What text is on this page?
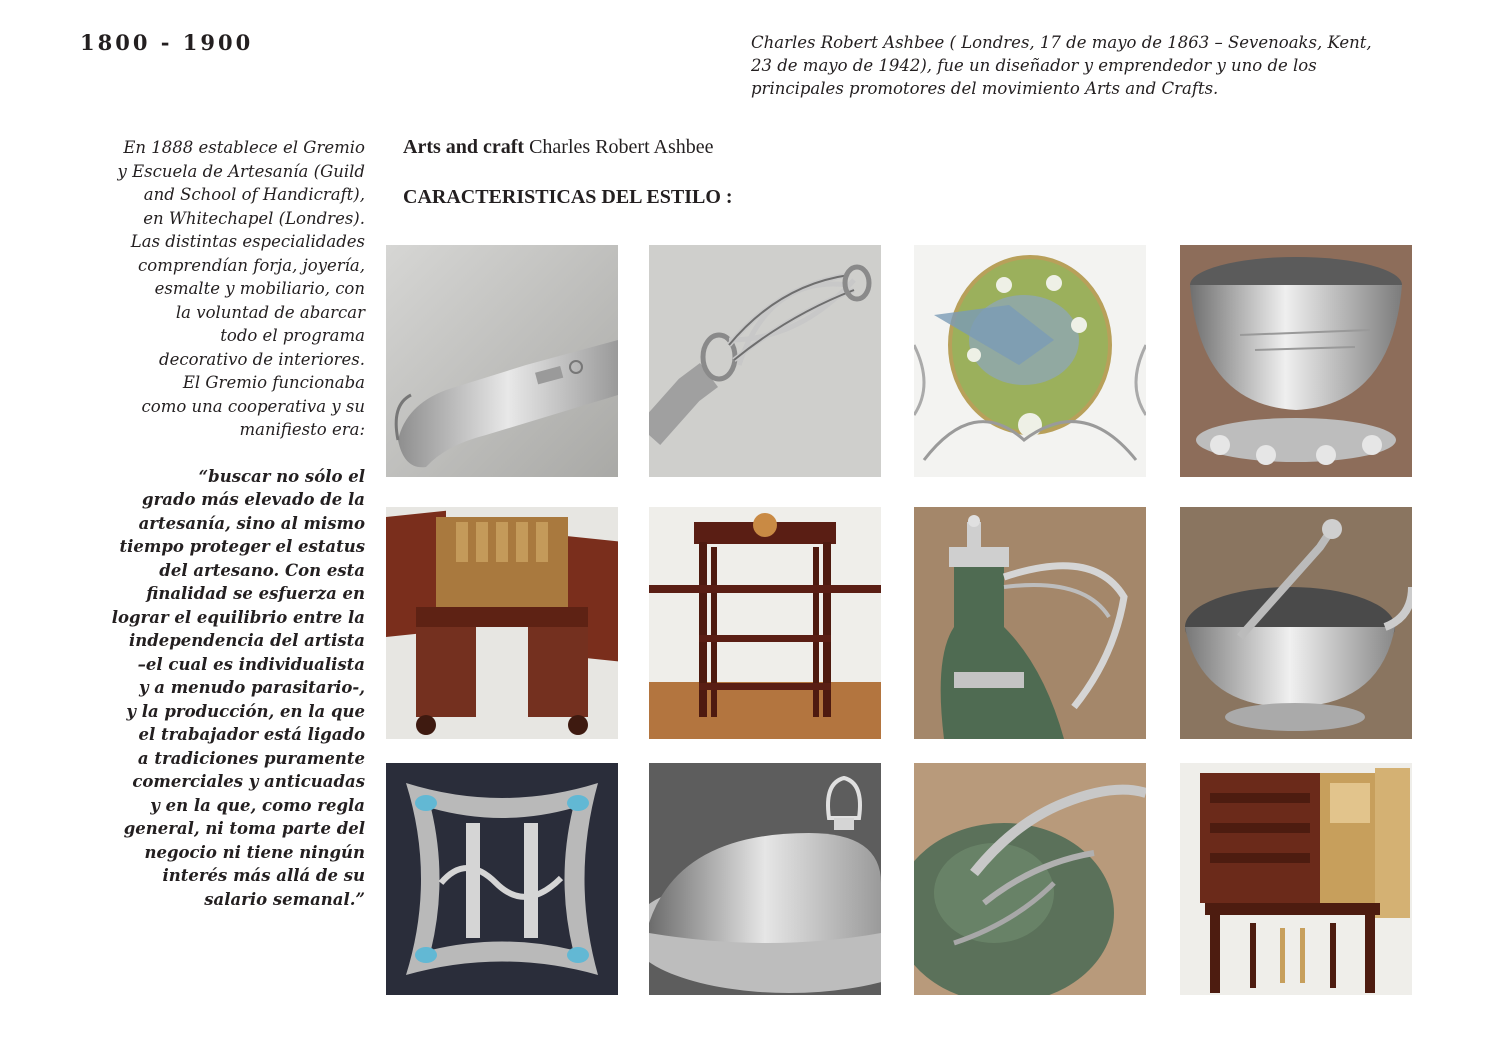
1800 - 1900	Charles Robert Ashbee ( Londres, 17 de mayo de 1863 – Sevenoaks, Kent, 23 de mayo de 1942), fue un diseñador y emprendedor y uno de los principales promotores del movimiento Arts and Crafts.

En 1888 establece el Gremio
y Escuela de Artesanía (Guild
and School of Handicraft),
en Whitechapel (Londres).
Las distintas especialidades
comprendían forja, joyería,
esmalte y mobiliario, con
la voluntad de abarcar
todo el programa
decorativo de interiores.
El Gremio funcionaba
como una cooperativa y su
manifiesto era:

“buscar no sólo el
grado más elevado de la
artesanía, sino al mismo
tiempo proteger el estatus
del artesano. Con esta
finalidad se esfuerza en
lograr el equilibrio entre la
independencia del artista
–el cual es individualista
y a menudo parasitario-,
y la producción, en la que
el trabajador está ligado
a tradiciones puramente
comerciales y anticuadas
y en la que, como regla
general, ni toma parte del
negocio ni tiene ningún
interés más allá de su
salario semanal.”

Arts and craft Charles Robert Ashbee

CARACTERISTICAS DEL ESTILO :
